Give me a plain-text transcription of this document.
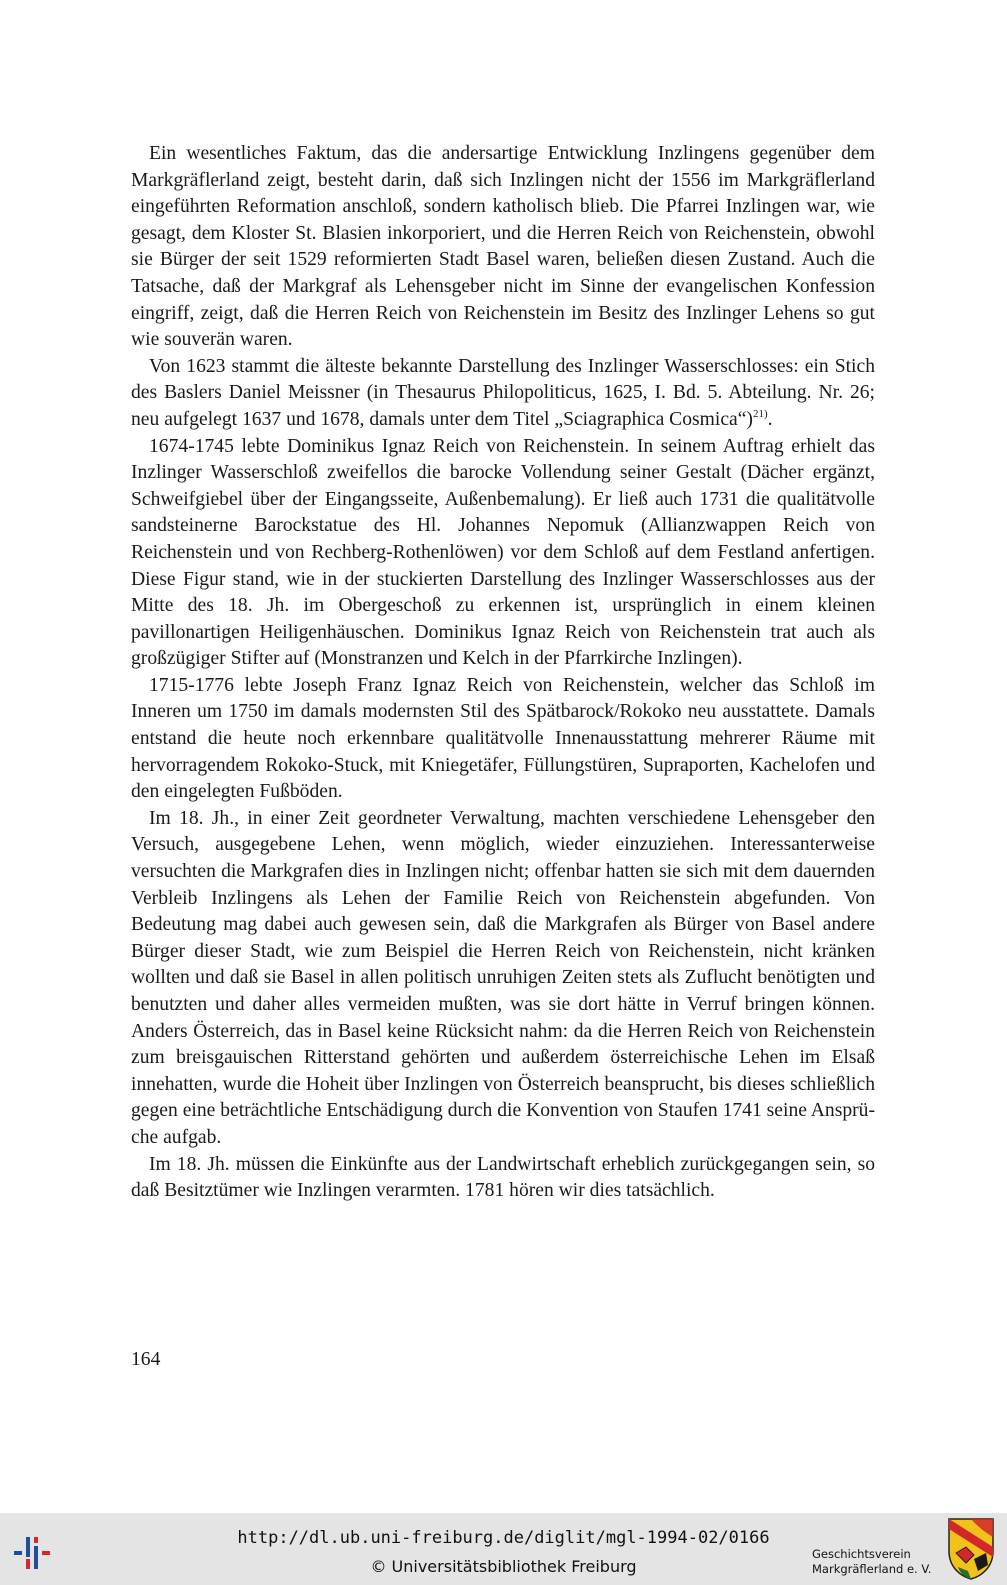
Ein wesentliches Faktum, das die andersartige Entwicklung Inzlingens gegenüber dem Markgräflerland zeigt, besteht darin, daß sich Inzlingen nicht der 1556 im Markgräflerland eingeführten Reformation anschloß, sondern katholisch blieb. Die Pfarrei Inzlingen war, wie gesagt, dem Kloster St. Blasien inkorporiert, und die Herren Reich von Reichenstein, obwohl sie Bürger der seit 1529 reformierten Stadt Basel waren, beließen diesen Zustand. Auch die Tatsache, daß der Markgraf als Lehensgeber nicht im Sinne der evangelischen Konfession eingriff, zeigt, daß die Herren Reich von Reichenstein im Besitz des Inzlinger Lehens so gut wie souverän waren.

Von 1623 stammt die älteste bekannte Darstellung des Inzlinger Wasserschlosses: ein Stich des Baslers Daniel Meissner (in Thesaurus Philopoliticus, 1625, I. Bd. 5. Abteilung. Nr. 26; neu aufgelegt 1637 und 1678, damals unter dem Titel „Sciagraphica Cosmica“)$^{21)}$.

1674-1745 lebte Dominikus Ignaz Reich von Reichenstein. In seinem Auftrag erhielt das Inzlinger Wasserschloß zweifellos die barocke Vollendung seiner Gestalt (Dächer ergänzt, Schweifgiebel über der Eingangsseite, Außenbemalung). Er ließ auch 1731 die qualitätvolle sandsteinerne Barockstatue des Hl. Johannes Nepomuk (Allianzwappen Reich von Reichenstein und von Rechberg-Rothenlöwen) vor dem Schloß auf dem Festland anfertigen. Diese Figur stand, wie in der stuckierten Darstellung des Inzlinger Wasserschlosses aus der Mitte des 18. Jh. im Obergeschoß zu erkennen ist, ursprünglich in einem kleinen pavillonartigen Heiligenhäuschen. Dominikus Ignaz Reich von Reichenstein trat auch als großzügiger Stifter auf (Monstranzen und Kelch in der Pfarrkirche Inzlingen).

1715-1776 lebte Joseph Franz Ignaz Reich von Reichenstein, welcher das Schloß im Inneren um 1750 im damals modernsten Stil des Spätbarock/Rokoko neu ausstattete. Damals entstand die heute noch erkennbare qualitätvolle Innenausstattung mehrerer Räume mit hervorragendem Rokoko-Stuck, mit Kniegetäfer, Füllungstüren, Supraporten, Kachelofen und den eingelegten Fußböden.

Im 18. Jh., in einer Zeit geordneter Verwaltung, machten verschiedene Lehensgeber den Versuch, ausgegebene Lehen, wenn möglich, wieder einzuziehen. Interessanterweise versuchten die Markgrafen dies in Inzlingen nicht; offenbar hatten sie sich mit dem dauernden Verbleib Inzlingens als Lehen der Familie Reich von Reichenstein abgefunden. Von Bedeutung mag dabei auch gewesen sein, daß die Markgrafen als Bürger von Basel andere Bürger dieser Stadt, wie zum Beispiel die Herren Reich von Reichenstein, nicht kränken wollten und daß sie Basel in allen politisch unruhigen Zeiten stets als Zuflucht benötigten und benutzten und daher alles vermeiden mußten, was sie dort hätte in Verruf bringen können. Anders Österreich, das in Basel keine Rücksicht nahm: da die Herren Reich von Reichenstein zum breisgauischen Ritterstand gehörten und außerdem österreichische Lehen im Elsaß innehatten, wurde die Hoheit über Inzlingen von Österreich beansprucht, bis dieses schließlich gegen eine beträchtliche Entschädigung durch die Konvention von Staufen 1741 seine Ansprüche aufgab.

Im 18. Jh. müssen die Einkünfte aus der Landwirtschaft erheblich zurückgegangen sein, so daß Besitztümer wie Inzlingen verarmten. 1781 hören wir dies tatsächlich.

164
http://dl.ub.uni-freiburg.de/diglit/mgl-1994-02/0166
© Universitätsbibliothek Freiburg
Geschichtsverein
Markgräflerland e. V.
